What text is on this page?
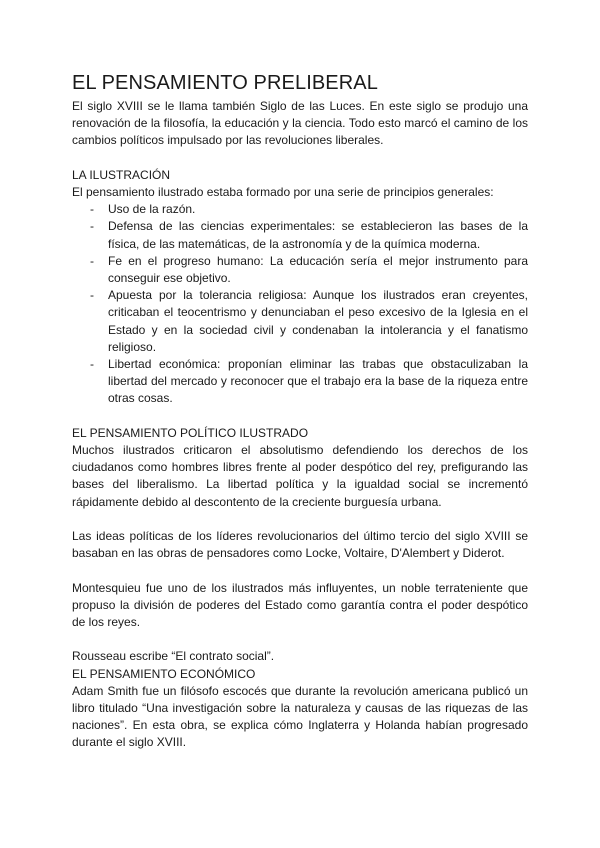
EL PENSAMIENTO PRELIBERAL

El siglo XVIII se le llama también Siglo de las Luces. En este siglo se produjo una renovación de la filosofía, la educación y la ciencia. Todo esto marcó el camino de los cambios políticos impulsado por las revoluciones liberales.

LA ILUSTRACIÓN

El pensamiento ilustrado estaba formado por una serie de principios generales:

- Uso de la razón.
- Defensa de las ciencias experimentales: se establecieron las bases de la física, de las matemáticas, de la astronomía y de la química moderna.
- Fe en el progreso humano: La educación sería el mejor instrumento para conseguir ese objetivo.
- Apuesta por la tolerancia religiosa: Aunque los ilustrados eran creyentes, criticaban el teocentrismo y denunciaban el peso excesivo de la Iglesia en el Estado y en la sociedad civil y condenaban la intolerancia y el fanatismo religioso.
- Libertad económica: proponían eliminar las trabas que obstaculizaban la libertad del mercado y reconocer que el trabajo era la base de la riqueza entre otras cosas.
EL PENSAMIENTO POLÍTICO ILUSTRADO

Muchos ilustrados criticaron el absolutismo defendiendo los derechos de los ciudadanos como hombres libres frente al poder despótico del rey, prefigurando las bases del liberalismo. La libertad política y la igualdad social se incrementó rápidamente debido al descontento de la creciente burguesía urbana.

Las ideas políticas de los líderes revolucionarios del último tercio del siglo XVIII se basaban en las obras de pensadores como Locke, Voltaire, D'Alembert y Diderot.

Montesquieu fue uno de los ilustrados más influyentes, un noble terrateniente que propuso la división de poderes del Estado como garantía contra el poder despótico de los reyes.

Rousseau escribe “El contrato social”.

EL PENSAMIENTO ECONÓMICO

Adam Smith fue un filósofo escocés que durante la revolución americana publicó un libro titulado “Una investigación sobre la naturaleza y causas de las riquezas de las naciones”. En esta obra, se explica cómo Inglaterra y Holanda habían progresado durante el siglo XVIII.
